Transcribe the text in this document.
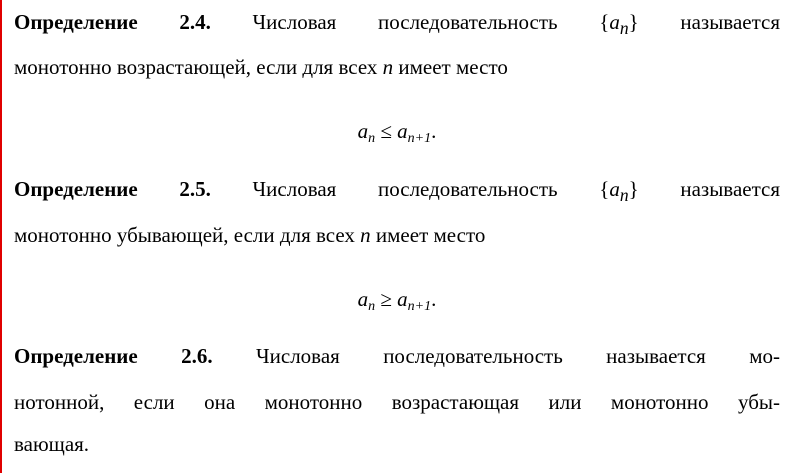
Определение 2.4. Числовая последовательность $\{a_n\}$ называется
монотонно возрастающей, если для всех n имеет место
$a_n \le a_{n+1}$.
Определение 2.5. Числовая последовательность $\{a_n\}$ называется
монотонно убывающей, если для всех n имеет место
$a_n \ge a_{n+1}$.
Определение 2.6. Числовая последовательность называется мо-
нотонной, если она монотонно возрастающая или монотонно убы-
вающая.
